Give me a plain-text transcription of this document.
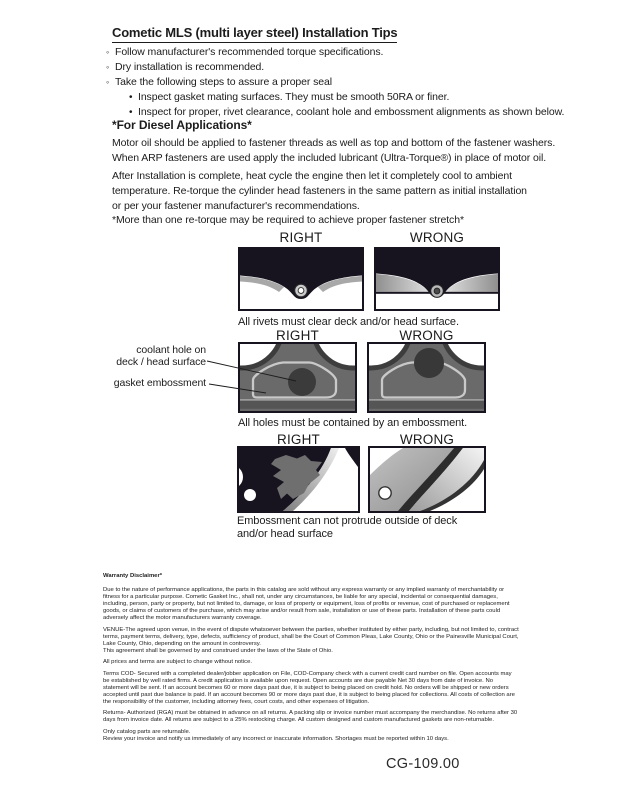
Cometic MLS (multi layer steel) Installation Tips
◦ Follow manufacturer's recommended torque specifications.
◦ Dry installation is recommended.
◦ Take the following steps to assure a proper seal
• Inspect gasket mating surfaces. They must be smooth 50RA or finer.
• Inspect for proper, rivet clearance, coolant hole and embossment alignments as shown below.
*For Diesel Applications*
Motor oil should be applied to fastener threads as well as top and bottom of the fastener washers.
When ARP fasteners are used apply the included lubricant (Ultra-Torque®) in place of motor oil.
After Installation is complete, heat cycle the engine then let it completely cool to ambient
temperature. Re-torque the cylinder head fasteners in the same pattern as initial installation
or per your fastener manufacturer's recommendations.
*More than one re-torque may be required to achieve proper fastener stretch*
RIGHT	WRONG
All rivets must clear deck and/or head surface.
RIGHT	WRONG
coolant hole on
deck / head surface
gasket embossment
All holes must be contained by an embossment.
RIGHT	WRONG
Embossment can not protrude outside of deck
and/or head surface
Warranty Disclaimer*

Due to the nature of performance applications, the parts in this catalog are sold without any express warranty or any implied warranty of merchantability or fitness for a particular purpose. Cometic Gasket Inc., shall not, under any circumstances, be liable for any special, incidental or consequential damages, including, person, party or property, but not limited to, damage, or loss of property or equipment, loss of profits or revenue, cost of purchased or replacement goods, or claims of customers of the purchase, which may arise and/or result from sale, installation or use of these parts. Installation of these parts could adversely affect the motor manufacturers warranty coverage.

VENUE-The agreed upon venue, in the event of dispute whatsoever between the parties, whether instituted by either party, including, but not limited to, contract terms, payment terms, delivery, type, defects, sufficiency of product, shall be the Court of Common Pleas, Lake County, Ohio or the Painesville Municipal Court, Lake County, Ohio, depending on the amount in controversy.

This agreement shall be governed by and construed under the laws of the State of Ohio.

All prices and terms are subject to change without notice.

Terms COD- Secured with a completed dealer/jobber application on File, COD-Company check with a current credit card number on file. Open accounts may be established by well rated firms. A credit application is available upon request. Open accounts are due payable Net 30 days from date of invoice. No statement will be sent. If an account becomes 60 or more days past due, it is subject to being placed on credit hold. No orders will be shipped or new orders accepted until past due balance is paid. If an account becomes 90 or more days past due, it is subject to being placed for collections. All costs of collection are the responsibility of the customer, including attorney fees, court costs, and other expenses of litigation.

Returns- Authorized (RGA) must be obtained in advance on all returns. A packing slip or invoice number must accompany the merchandise. No returns after 30 days from invoice date. All returns are subject to a 25% restocking charge. All custom designed and custom manufactured gaskets are non-returnable.

Only catalog parts are returnable.

Review your invoice and notify us immediately of any incorrect or inaccurate information. Shortages must be reported within 10 days.

CG-109.00
